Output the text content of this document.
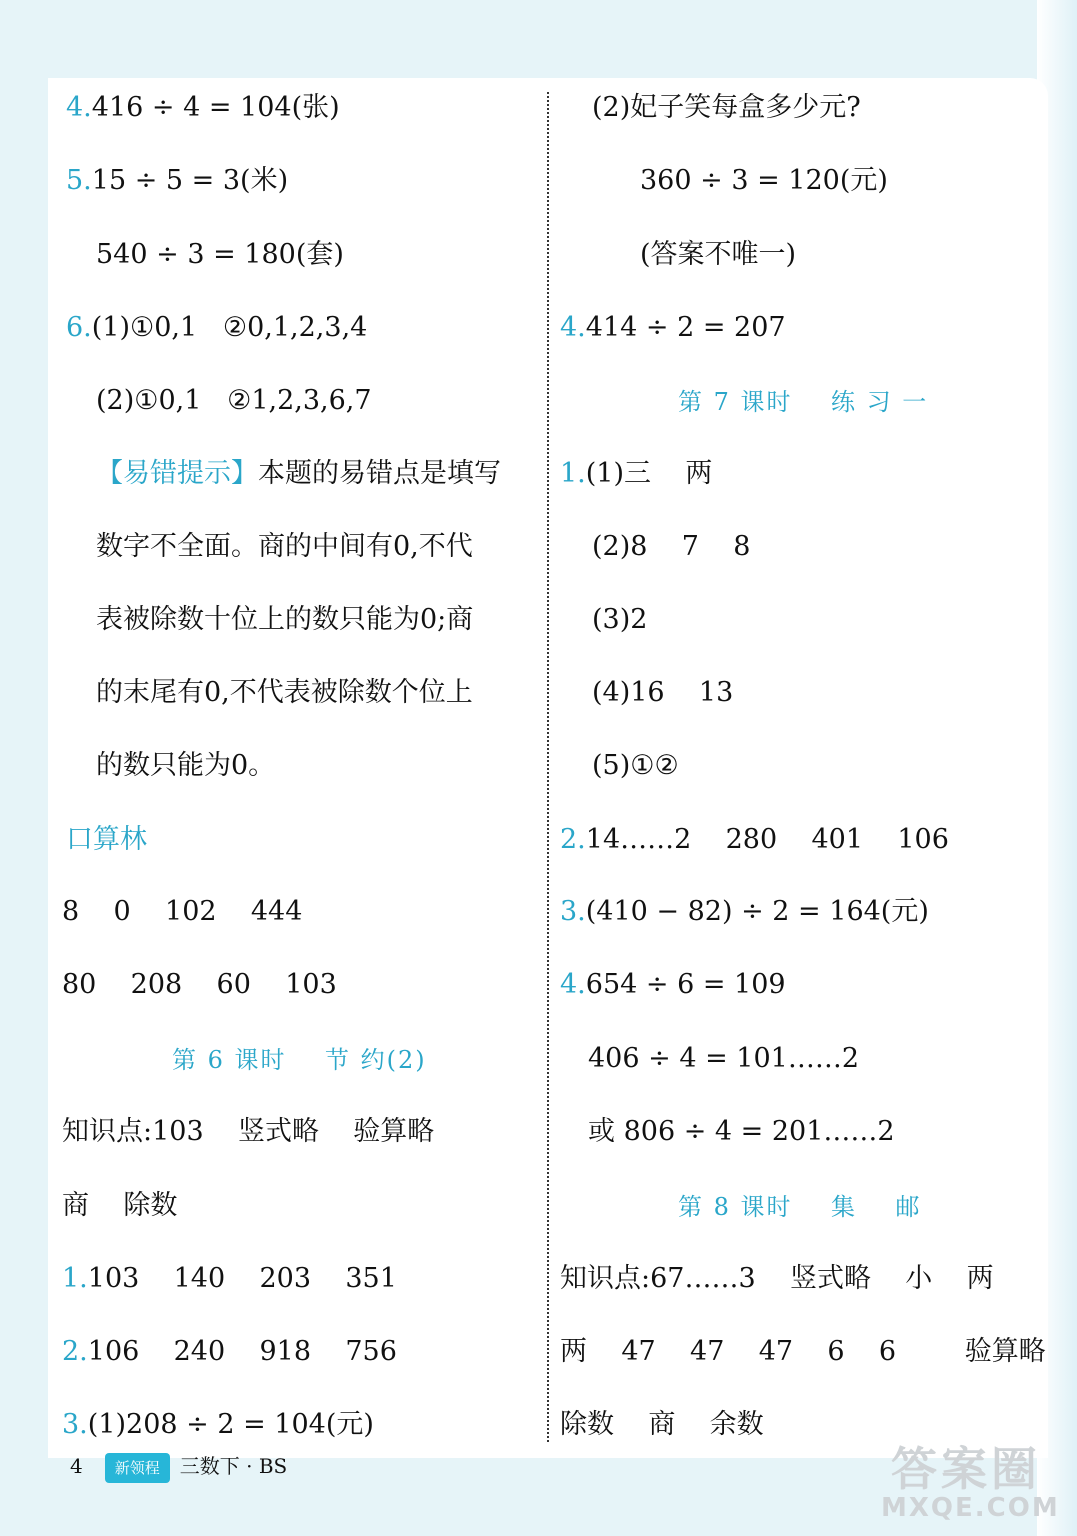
4.416 ÷ 4 = 104(张)
5.15 ÷ 5 = 3(米)
540 ÷ 3 = 180(套)
6.(1)①0,1   ②0,1,2,3,4
(2)①0,1   ②1,2,3,6,7
【易错提示】本题的易错点是填写
数字不全面。商的中间有0,不代
表被除数十位上的数只能为0;商
的末尾有0,不代表被除数个位上
的数只能为0。
口算林
8    0    102    444
80    208    60    103
第 6 课时    节 约(2)
知识点:103    竖式略    验算略
商    除数
1.103    140    203    351
2.106    240    918    756
3.(1)208 ÷ 2 = 104(元)
(2)妃子笑每盒多少元?
360 ÷ 3 = 120(元)
(答案不唯一)
4.414 ÷ 2 = 207
第 7 课时    练 习 一
1.(1)三    两
(2)8    7    8
(3)2
(4)16    13
(5)①②
2.14……2    280    401    106
3.(410 − 82) ÷ 2 = 164(元)
4.654 ÷ 6 = 109
406 ÷ 4 = 101……2
或 806 ÷ 4 = 201……2
第 8 课时    集    邮
知识点:67……3    竖式略    小    两
两    47    47    47    6    6        验算略
除数    商    余数
4 新领程 三数下 · BS	答案圈
MXQE.COM
